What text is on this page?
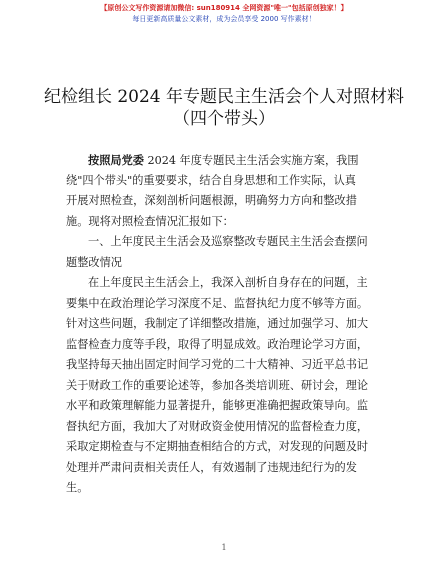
【原创公文写作资源请加微信: sun180914 全网资源"唯一"包括原创独家！】
每日更新高质量公文素材，成为会员享受 2000 写作素材！
纪检组长 2024 年专题民主生活会个人对照材料
（四个带头）
按照局党委 2024 年度专题民主生活会实施方案，我围
绕"四个带头"的重要要求，结合自身思想和工作实际，认真
开展对照检查，深刻剖析问题根源，明确努力方向和整改措
施。现将对照检查情况汇报如下：
一、上年度民主生活会及巡察整改专题民主生活会查摆问
题整改情况
在上年度民主生活会上，我深入剖析自身存在的问题，主
要集中在政治理论学习深度不足、监督执纪力度不够等方面。
针对这些问题，我制定了详细整改措施，通过加强学习、加大
监督检查力度等手段，取得了明显成效。政治理论学习方面，
我坚持每天抽出固定时间学习党的二十大精神、习近平总书记
关于财政工作的重要论述等，参加各类培训班、研讨会，理论
水平和政策理解能力显著提升，能够更准确把握政策导向。监
督执纪方面，我加大了对财政资金使用情况的监督检查力度，
采取定期检查与不定期抽查相结合的方式，对发现的问题及时
处理并严肃问责相关责任人，有效遏制了违规违纪行为的发
生。
1
